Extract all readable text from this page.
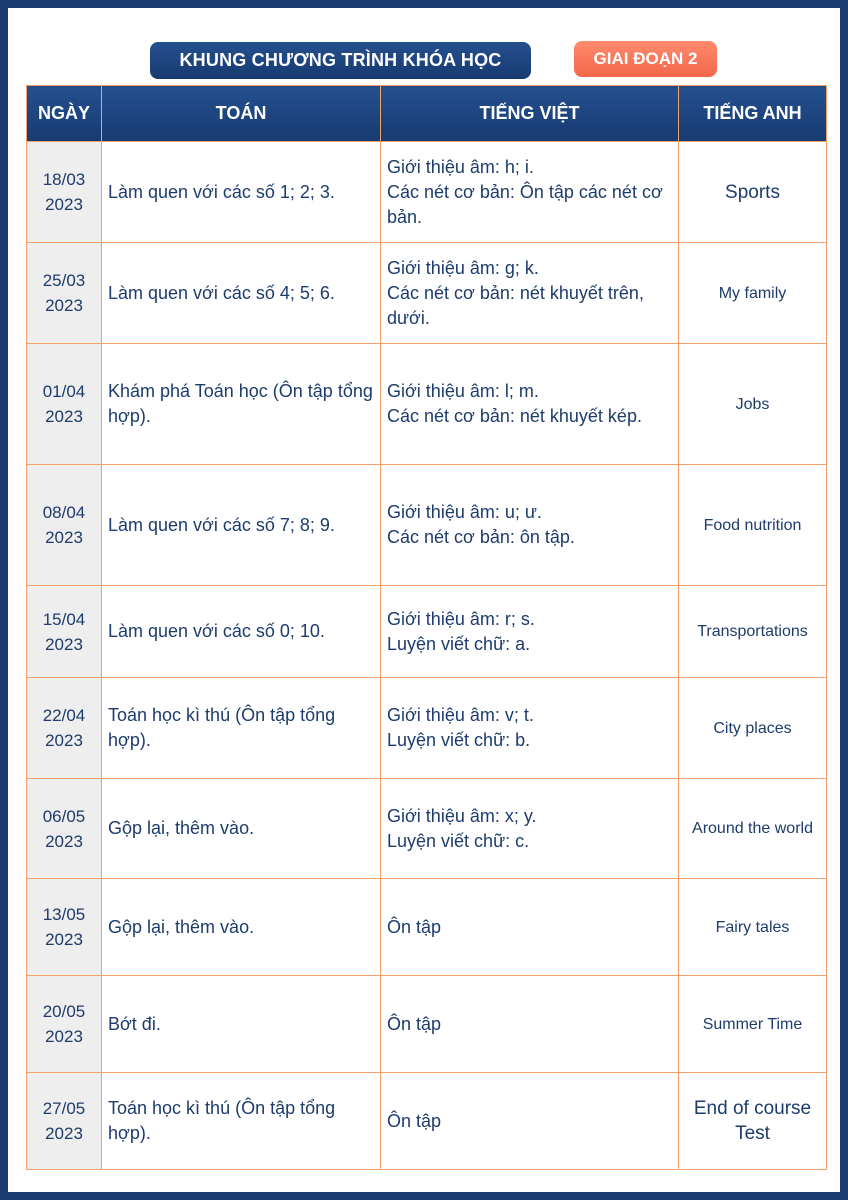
KHUNG CHƯƠNG TRÌNH KHÓA HỌC	GIAI ĐOẠN 2
NGÀY	TOÁN	TIẾNG VIỆT	TIẾNG ANH

18/03
2023	Làm quen với các số 1; 2; 3.	Giới thiệu âm: h; i.
Các nét cơ bản: Ôn tập các nét cơ bản.	Sports

25/03
2023	Làm quen với các số 4; 5; 6.	Giới thiệu âm: g; k.
Các nét cơ bản: nét khuyết trên, dưới.	My family

01/04
2023	Khám phá Toán học (Ôn tập tổng hợp).	Giới thiệu âm: l; m.
Các nét cơ bản: nét khuyết kép.	Jobs

08/04
2023	Làm quen với các số 7; 8; 9.	Giới thiệu âm: u; ư.
Các nét cơ bản: ôn tập.	Food nutrition

15/04
2023	Làm quen với các số 0; 10.	Giới thiệu âm: r; s.
Luyện viết chữ: a.	Transportations

22/04
2023	Toán học kì thú (Ôn tập tổng hợp).	Giới thiệu âm: v; t.
Luyện viết chữ: b.	City places

06/05
2023	Gộp lại, thêm vào.	Giới thiệu âm: x; y.
Luyện viết chữ: c.	Around the world

13/05
2023	Gộp lại, thêm vào.	Ôn tập	Fairy tales

20/05
2023	Bớt đi.	Ôn tập	Summer Time

27/05
2023	Toán học kì thú (Ôn tập tổng hợp).	Ôn tập	End of course Test
